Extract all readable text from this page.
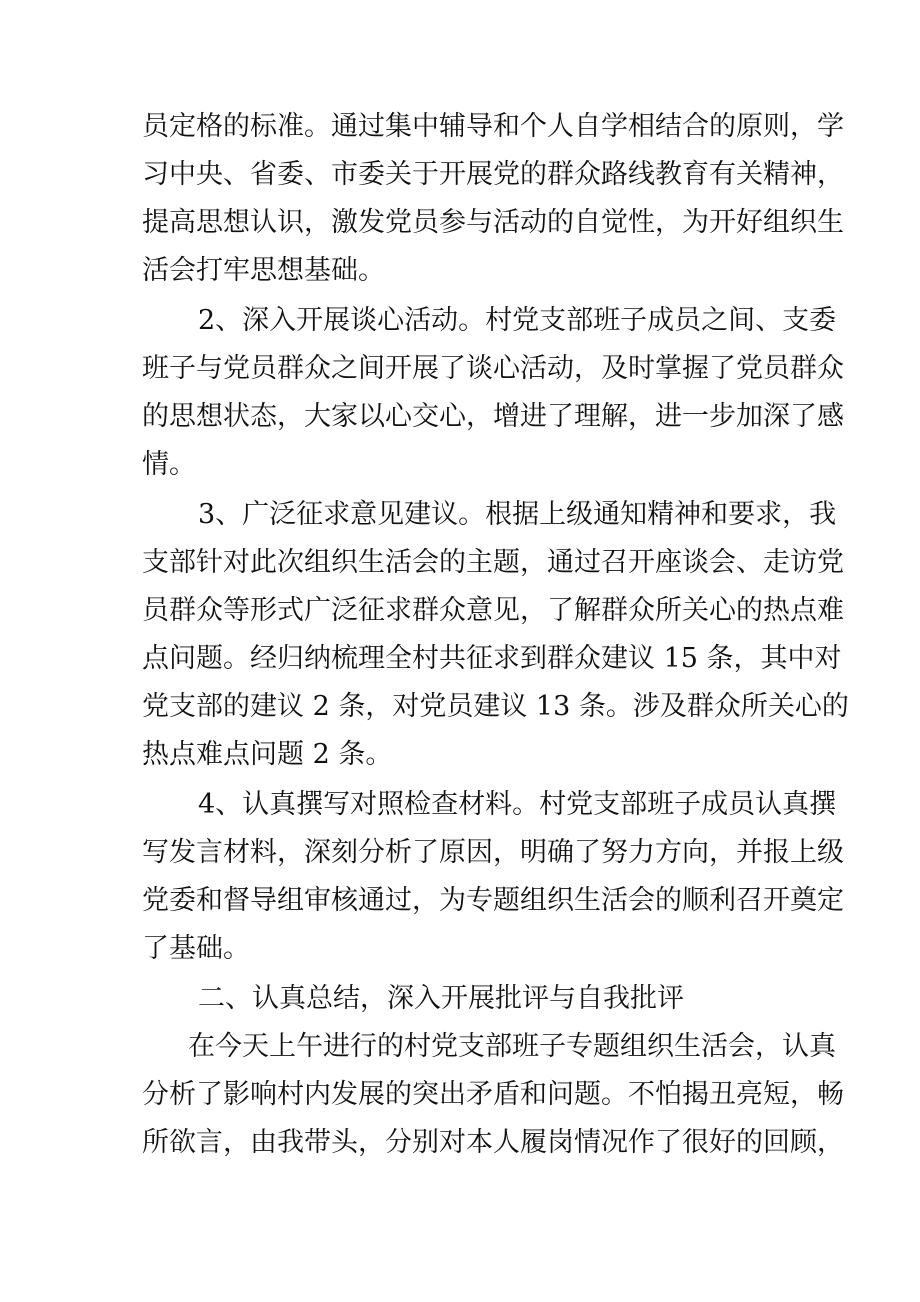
员定格的标准。通过集中辅导和个人自学相结合的原则，学
习中央、省委、市委关于开展党的群众路线教育有关精神，
提高思想认识，激发党员参与活动的自觉性，为开好组织生
活会打牢思想基础。
2、深入开展谈心活动。村党支部班子成员之间、支委
班子与党员群众之间开展了谈心活动，及时掌握了党员群众
的思想状态，大家以心交心，增进了理解，进一步加深了感
情。
3、广泛征求意见建议。根据上级通知精神和要求，我
支部针对此次组织生活会的主题，通过召开座谈会、走访党
员群众等形式广泛征求群众意见，了解群众所关心的热点难
点问题。经归纳梳理全村共征求到群众建议 15 条，其中对
党支部的建议 2 条，对党员建议 13 条。涉及群众所关心的
热点难点问题 2 条。
4、认真撰写对照检查材料。村党支部班子成员认真撰
写发言材料，深刻分析了原因，明确了努力方向，并报上级
党委和督导组审核通过，为专题组织生活会的顺利召开奠定
了基础。
二、认真总结，深入开展批评与自我批评
在今天上午进行的村党支部班子专题组织生活会，认真
分析了影响村内发展的突出矛盾和问题。不怕揭丑亮短，畅
所欲言，由我带头，分别对本人履岗情况作了很好的回顾，
